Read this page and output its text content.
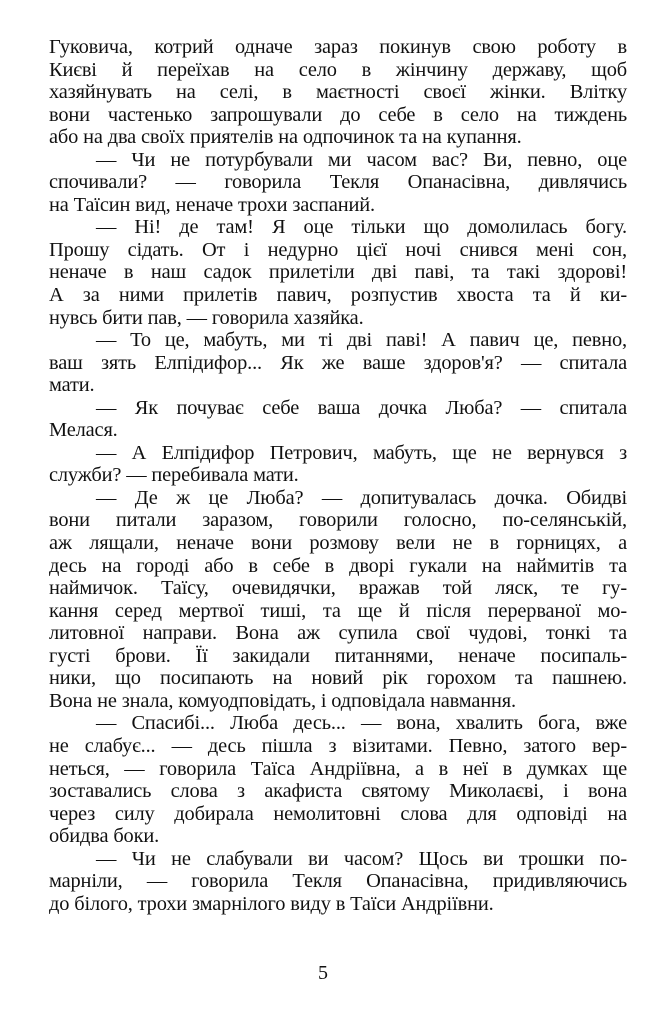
Гуковича, котрий одначе зараз покинув свою роботу в
Києві й переїхав на село в жінчину державу, щоб
хазяйнувать на селі, в маєтності своєї жінки. Влітку
вони частенько запрошували до себе в село на тиждень
або на два своїх приятелів на одпочинок та на купання.
— Чи не потурбували ми часом вас? Ви, певно, оце
спочивали? — говорила Текля Опанасівна, дивлячись
на Таїсин вид, неначе трохи заспаний.
— Ні! де там! Я оце тільки що домолилась богу.
Прошу сідать. От і недурно цієї ночі снився мені сон,
неначе в наш садок прилетіли дві паві, та такі здорові!
А за ними прилетів павич, розпустив хвоста та й ки-
нувсь бити пав, — говорила хазяйка.
— То це, мабуть, ми ті дві паві! А павич це, певно,
ваш зять Елпідифор... Як же ваше здоров'я? — спитала
мати.
— Як почуває себе ваша дочка Люба? — спитала
Мелася.
— А Елпідифор Петрович, мабуть, ще не вернувся з
служби? — перебивала мати.
— Де ж це Люба? — допитувалась дочка. Обидві
вони питали заразом, говорили голосно, по-селянській,
аж лящали, неначе вони розмову вели не в горницях, а
десь на городі або в себе в дворі гукали на наймитів та
наймичок. Таїсу, очевидячки, вражав той ляск, те гу-
кання серед мертвої тиші, та ще й після перерваної мо-
литовної направи. Вона аж супила свої чудові, тонкі та
густі брови. Її закидали питаннями, неначе посипаль-
ники, що посипають на новий рік горохом та пашнею.
Вона не знала, комуодповідать, і одповідала навмання.
— Спасибі... Люба десь... — вона, хвалить бога, вже
не слабує... — десь пішла з візитами. Певно, затого вер-
неться, — говорила Таїса Андріївна, а в неї в думках ще
зоставались слова з акафиста святому Миколаєві, і вона
через силу добирала немолитовні слова для одповіді на
обидва боки.
— Чи не слабували ви часом? Щось ви трошки по-
марніли, — говорила Текля Опанасівна, придивляючись
до білого, трохи змарнілого виду в Таїси Андріївни.
5
